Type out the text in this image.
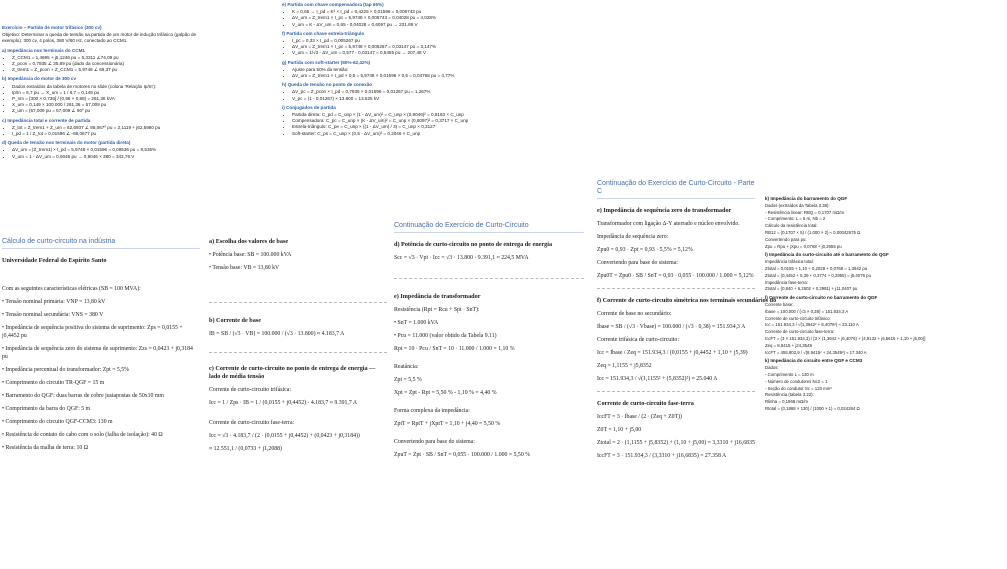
Exercício – Partida de motor trifásico (300 cv)

Objetivo: Determinar a queda de tensão na partida de um motor de indução trifásico (galpão de exemplo). 300 cv, 4 polos, 380 V/60 Hz, conectado ao CCM1.

a) Impedância nos terminais do CCM1

• Z_CCM1 = 1,4695 + j5,1246 pu = 5,3311 ∠74,09 pu
• Z_pcon = 0,7935 ∠ 35,89 pu (dado da concessionária)
• Z_trem1 = Z_pcon + Z_CCM1 = 5,9748 ∠ 69,37 pu

b) Impedância do motor de 300 cv

• Dados extraídos da tabela de motores no slide (coluna 'Relação Ip/In'):
• Ip/In = 6,7 pu → X_um = 1 / 6,7 = 0,149 pu
• P_nm = [300 × 0,736] / (0,96 × 0,88) = 261,36 kVA
• X_um = 0,149 × 100.000 / 261,36 = 57,009 pu
• Z_um = (57,009 pu = 57,009 ∠ 90º pu

c) Impedância total e corrente de partida

• Z_tot = Z_trem1 + Z_um = 62,6937 ∠ 88,067º pu = 2,1119 + j62,5980 pu
• I_pd = 1 / Z_tot = 0,01596 ∠ -88,0677 pu

d) Queda de tensão nos terminais do motor (partida direta)

• ΔV_um = |Z_trem1| × I_pd = 5,9748 × 0,01596 = 0,09536 pu = 9,536%
• V_um = 1 - ΔV_um = 0,9046 pu → 0,9046 × 380 = 343,76 V
Cálculo de curto-circuito na indústria
Universidade Federal do Espírito Santo

Com as seguintes características elétricas (SB = 100 MVA):

• Tensão nominal primária: VNP = 13,80 kV

• Tensão nominal secundária: VNS = 380 V

• Impedância de sequência positiva do sistema de suprimento: Zps = 0,0155 + j0,4452 pu

• Impedância de sequência zero do sistema de suprimento: Zzs = 0,0423 + j0,3184 pu

• Impedância percentual do transformador: Zpt = 5,5%

• Comprimento do circuito TR-QGF = 15 m

• Barramento do QGF: duas barras de cobre justapostas de 50x10 mm

• Comprimento da barra do QGF: 5 m

• Comprimento do circuito QGF-CCM3: 130 m

• Resistência de contato do cabo com o solo (falha de isolação): 40 Ω

• Resistência da malha de terra: 10 Ω

a) Escolha dos valores de base

• Potência base: SB = 100.000 kVA

• Tensão base: VB = 13,80 kV

b) Corrente de base

IB = SB / (√3 · VB) = 100.000 / (√3 · 13.800) ≈ 4.183,7 A

c) Corrente de curto-circuito no ponto de entrega de energia — lado de média tensão

Corrente de curto-circuito trifásica:

Icc = 1 / Zps · IB = 1 / (0,0155 + j0,4452) · 4.183,7 ≈ 9.391,7 A

Corrente de curto-circuito fase-terra:

Icc = √3 · 4.183,7 / (2 · (0,0155 + j0,4452) + (0,0423 + j0,3184))

≈ 12.551,1 / (0,0733 + j1,2088)

e) Partida com chave compensadora (tap 65%)

• K = 0,65 → I_pd = K² × I_pd = 0,4225 × 0,01596 = 0,006743 pu
• ΔV_um = Z_trem1 × I_pc = 5,9748 × 0,006743 = 0,04028 pu = 4,028%
• V_um = K - ΔV_um = 0,65 - 0,04028 = 0,6097 pu → 231,69 V

f) Partida com chave estrela-triângulo

• I_pc = 0,33 × I_pd = 0,005267 pu
• ΔV_um = Z_trem1 × I_pc = 5,9748 × 0,005267 = 0,03147 pu = 3,147%
• V_um = 1/√3 - ΔV_um = 0,577 - 0,03147 = 0,5455 pu → 207,48 V

g) Partida com soft-starter (50%-62,42%)

• Ajuste para 50% da tensão:
• ΔV_um = Z_trem1 × I_pd × 0,5 = 5,9748 × 0,01596 × 0,5 = 0,04768 pu = 4,77%

h) Queda de tensão no ponto de conexão

• ΔV_pc = Z_pcon × I_pd = 0,7935 × 0,01596 = 0,01267 pu = 1,267%
• V_pc = (1 - 0,01267) × 13.800 = 13.625 kV

i) Conjugados de partida

• Partida direta: C_pd = C_unp × (1 - ΔV_um)² = C_unp × (0,9046)² = 0,8183 × C_unp
• Compensadora: C_pc = C_unp × (K - ΔV_um)² = C_unp × (0,6097)² = 0,3717 × C_unp
• Estrela-triângulo: C_pe = C_unp × ((1 - ΔV_um) / 3) = C_unp × 0,3127
• Soft-starter: C_ps = C_unp × (0,5 - ΔV_um)² = 0,2046 × C_unp
Continuação do Exercício de Curto-Circuito
d) Potência de curto-circuito no ponto de entrega de energia

Scc = √3 · Vpi · Icc = √3 · 13.800 · 9.391,1 ≈ 224,5 MVA

e) Impedância do transformador

Resistência (Rpt = Rcu + Spt · SnT):

• SnT = 1.000 kVA

• Pcu = 11.000 (valor obtido da Tabela 9.11)

Rpt = 10 · Pcu / SnT = 10 · 11.000 / 1.000 = 1,10 %

Reatância:

Zpt = 5,5 %

Xpt = Zpt - Rpt = 5,50 % - 1,10 % = 4,40 %

Forma complexa da impedância:

ZptT = RptT + jXptT = 1,10 + j4,40 = 5,50 %

Convertendo para base do sistema:

ZpuT = Zpt · SB / SnT = 0,055 · 100.000 / 1.000 = 5,50 %

Continuação do Exercício de Curto-Circuito - Parte C
e) Impedância de sequência zero do transformador

Transformador com ligação Δ-Y aterrado e núcleo envolvido.

Impedância de sequência zero:

Zpu0 = 0,93 · Zpt = 0,93 · 5,5% = 5,12%

Convertendo para base do sistema:

Zpu0T = Zpu0 · SB / SnT = 0,93 · 0,055 · 100.000 / 1.000 = 5,12%

f) Corrente de curto-circuito simétrica nos terminais secundários do

Corrente de base no secundário:

Ibase = SB / (√3 · Vbase) = 100.000 / (√3 · 0,38) = 151.934,3 A

Corrente trifásica de curto-circuito:

Icc = Ibase / Zeq = 151.934,3 / (0,0155 + j0,4452 + 1,10 + j5,39)

Zeq = 1,1155 + j5,8352

Icc = 151.934,3 / √(1,1155² + (5,8352)²) ≈ 25.040 A

Corrente de curto-circuito fase-terra

IccFT = 3 · Ibase / (2 · (Zeq + Z0T))

Z0T = 1,10 + j5,00

Ztotal = 2 · (1,1155 + j5,8352) + (1,10 + j5,00) = 3,3310 + j16,6835

IccFT = 3 · 151.934,3 / (3,3310 + j16,6835) = 27.358 A

k) Impedância do barramento do QGF

Dados (extraídos da Tabela 3.38):

- Resistência linear: RBQ = 0,1707 mΩ/m

- Comprimento: L = 5 m, Nb = 2

Cálculo da resistência total:

RB12 = (0,1707 × 5) / (1.000 × 2) ≈ 0,00042675 Ω

Convertendo para pu:

Zpu = Rpu + jXpu = 0,0768 + j0,2955 pu

l) Impedância do curto-circuito até o barramento do QGF

Impedância trifásica total:

Ztotal = 0,0155 + 1,10 + 0,2028 + 0,0768 = 1,3942 pu

Ztotal = (0,4452 + 5,39 + 0,3774 + 0,2955) = j6,4076 pu

Impedância fase-terra:

Ztotal = (0,840 + 6,2502 + 0,2981) + j11,0407 pu

l) Corrente de curto-circuito no barramento do QGF

Corrente base:

Ibase = 100.000 / (√3 × 0,38) = 151.934,3 A

Corrente de curto-circuito trifásico:

Icc = 151.934,3 / √(1,3942² + 6,4076²) ≈ 23.110 A

Corrente de curto-circuito fase-terra:

IccFT = (3 × 151.934,3) / [3 × (1,3942 + j6,4076) + (4,9132 + j6,5616 + 1,10 + j5,00)]

Zeq = 8,9415 + j24,3549

IccFT = 455.802,9 / √(8,9415² + 24,3549²) ≈ 17.340 A

k) Impedância do circuito entre QGF e CCM3

Dados:

- Comprimento L = 130 m

- Número de condutores Nc2 = 1

- Seção do condutor Sc = 120 mm²

Resistência (tabela 3.22):

Rlinha = 0,1868 mΩ/m

Rtotal = (0,1868 × 130) / (1000 × 1) = 0,024284 Ω
